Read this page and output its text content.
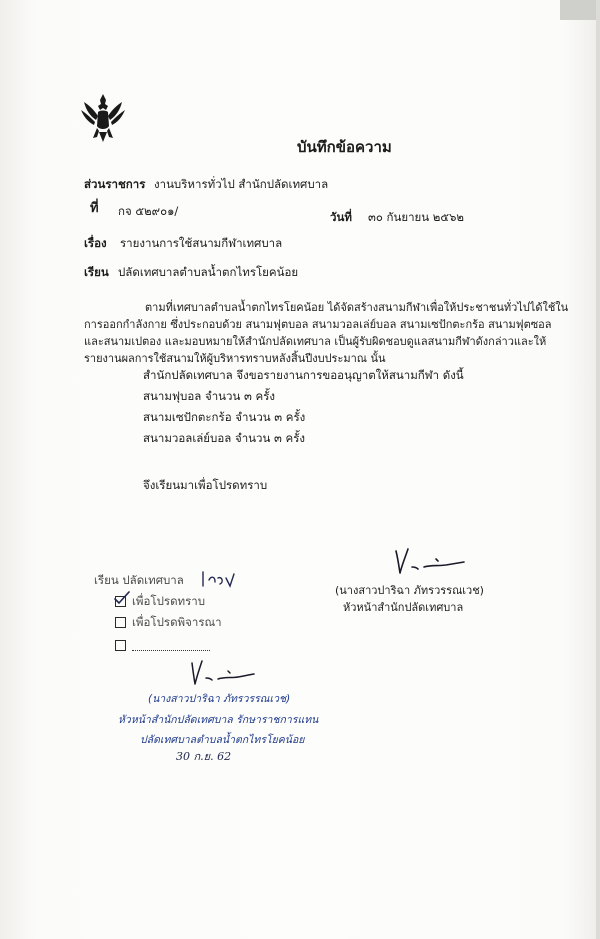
บันทึกข้อความ
ส่วนราชการ งานบริหารทั่วไป สำนักปลัดเทศบาล
ที่ กจ ๕๒๙๐๑/	วันที่ ๓๐ กันยายน ๒๕๖๒
เรื่อง รายงานการใช้สนามกีฬาเทศบาล
เรียน ปลัดเทศบาลตำบลน้ำตกไทรโยคน้อย
ตามที่เทศบาลตำบลน้ำตกไทรโยคน้อย ได้จัดสร้างสนามกีฬาเพื่อให้ประชาชนทั่วไปได้ใช้ใน
การออกกำลังกาย ซึ่งประกอบด้วย สนามฟุตบอล สนามวอลเล่ย์บอล สนามเซปักตะกร้อ สนามฟุตซอล
และสนามเปตอง และมอบหมายให้สำนักปลัดเทศบาล เป็นผู้รับผิดชอบดูแลสนามกีฬาดังกล่าวและให้
รายงานผลการใช้สนามให้ผู้บริหารทราบหลังสิ้นปีงบประมาณ นั้น
สำนักปลัดเทศบาล จึงขอรายงานการขออนุญาตให้สนามกีฬา ดังนี้
สนามฟุบอล จำนวน ๓ ครั้ง
สนามเซปักตะกร้อ จำนวน ๓ ครั้ง
สนามวอลเล่ย์บอล จำนวน ๓ ครั้ง
จึงเรียนมาเพื่อโปรดทราบ
(นางสาวปาริฉา ภัทรวรรณเวช)
หัวหน้าสำนักปลัดเทศบาล
เรียน ปลัดเทศบาล
เพื่อโปรดทราบ
เพื่อโปรดพิจารณา
(นางสาวปาริฉา ภัทรวรรณเวช)
หัวหน้าสำนักปลัดเทศบาล รักษาราชการแทน
ปลัดเทศบาลตำบลน้ำตกไทรโยคน้อย
30 ก.ย. 62
